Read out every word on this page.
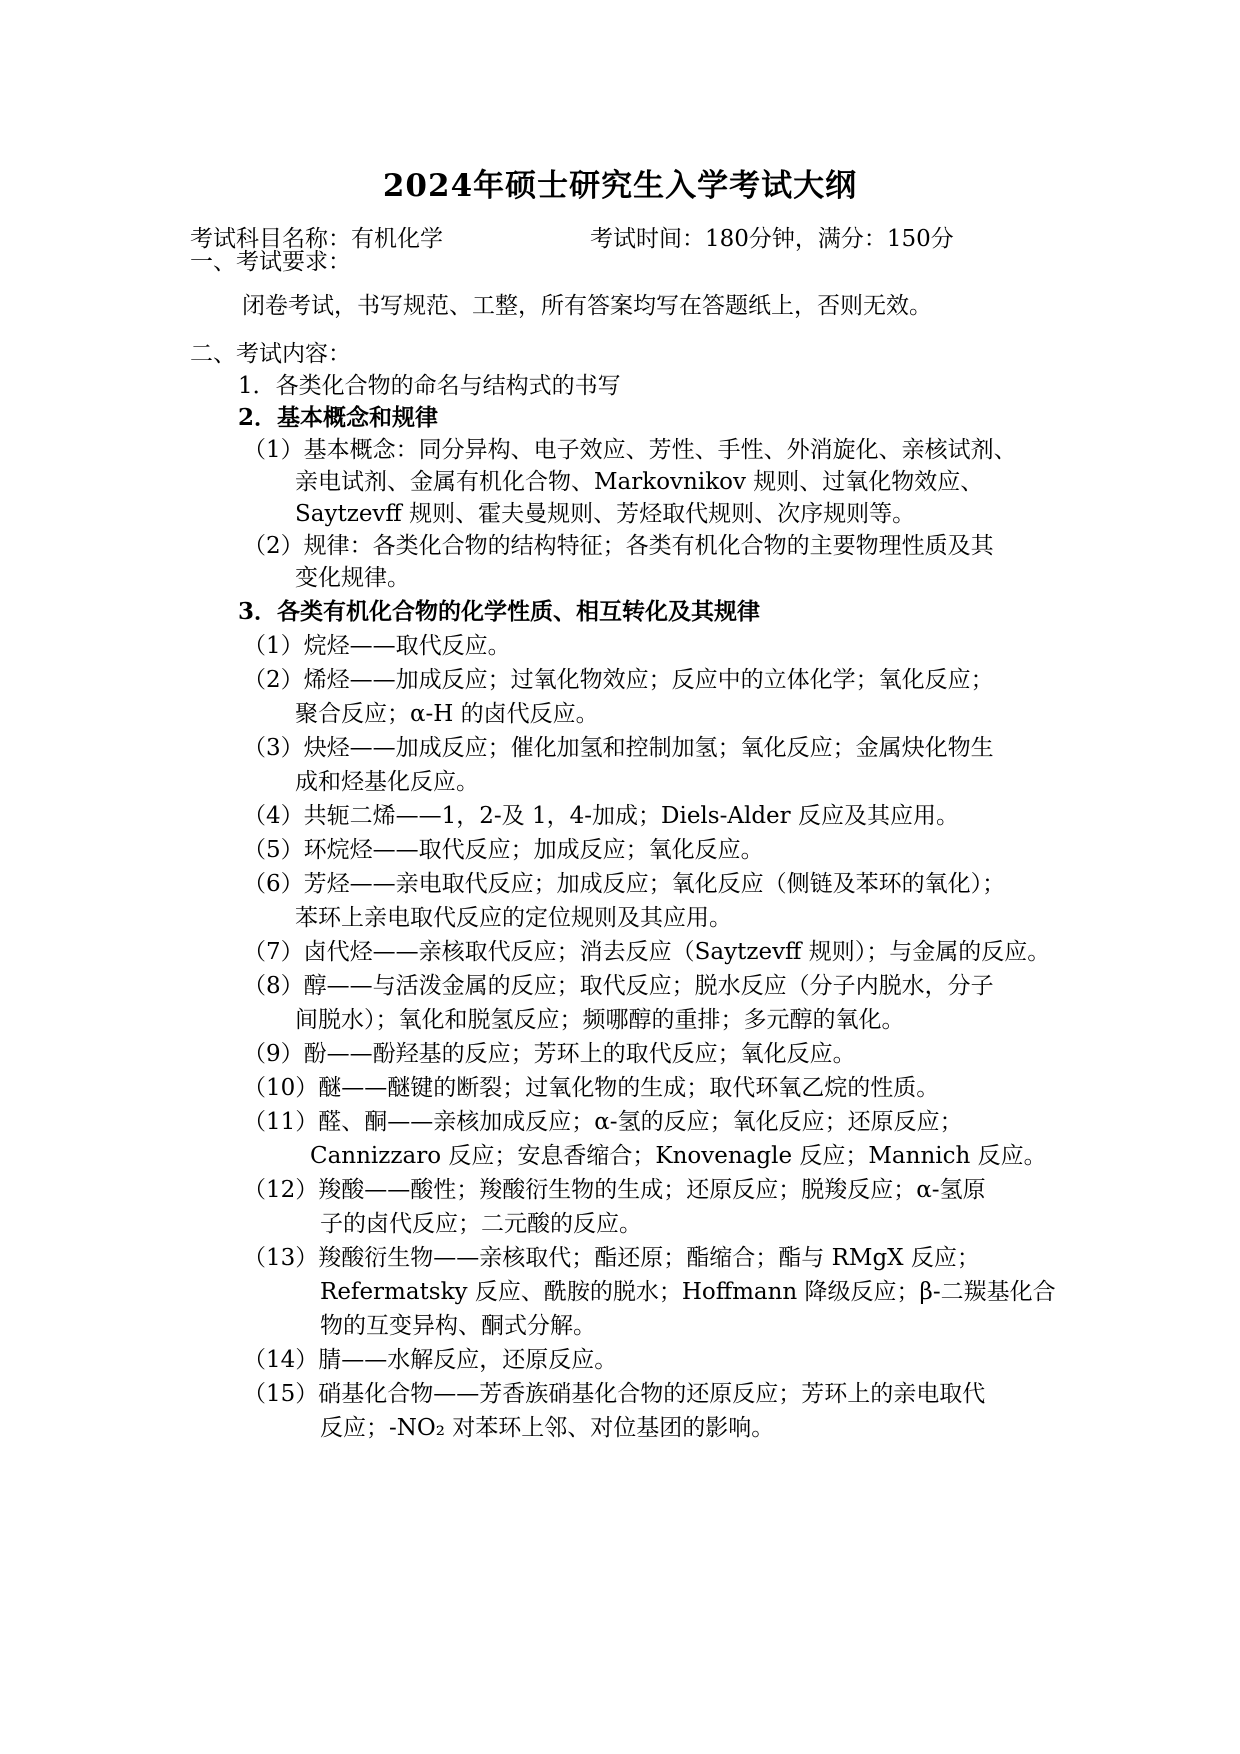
2024年硕士研究生入学考试大纲
考试科目名称：有机化学	考试时间：180分钟，满分：150分
一、考试要求：
闭卷考试，书写规范、工整，所有答案均写在答题纸上，否则无效。
二、考试内容：
1．各类化合物的命名与结构式的书写
2．基本概念和规律
（1）基本概念：同分异构、电子效应、芳性、手性、外消旋化、亲核试剂、
亲电试剂、金属有机化合物、Markovnikov 规则、过氧化物效应、
Saytzevff 规则、霍夫曼规则、芳烃取代规则、次序规则等。
（2）规律：各类化合物的结构特征；各类有机化合物的主要物理性质及其
变化规律。
3．各类有机化合物的化学性质、相互转化及其规律
（1）烷烃——取代反应。
（2）烯烃——加成反应；过氧化物效应；反应中的立体化学；氧化反应；
聚合反应；α-H 的卤代反应。
（3）炔烃——加成反应；催化加氢和控制加氢；氧化反应；金属炔化物生
成和烃基化反应。
（4）共轭二烯——1，2-及 1，4-加成；Diels-Alder 反应及其应用。
（5）环烷烃——取代反应；加成反应；氧化反应。
（6）芳烃——亲电取代反应；加成反应；氧化反应（侧链及苯环的氧化）；
苯环上亲电取代反应的定位规则及其应用。
（7）卤代烃——亲核取代反应；消去反应（Saytzevff 规则）；与金属的反应。
（8）醇——与活泼金属的反应；取代反应；脱水反应（分子内脱水，分子
间脱水）；氧化和脱氢反应；频哪醇的重排；多元醇的氧化。
（9）酚——酚羟基的反应；芳环上的取代反应；氧化反应。
（10）醚——醚键的断裂；过氧化物的生成；取代环氧乙烷的性质。
（11）醛、酮——亲核加成反应；α-氢的反应；氧化反应；还原反应；
Cannizzaro 反应；安息香缩合；Knovenagle 反应；Mannich 反应。
（12）羧酸——酸性；羧酸衍生物的生成；还原反应；脱羧反应；α-氢原
子的卤代反应；二元酸的反应。
（13）羧酸衍生物——亲核取代；酯还原；酯缩合；酯与 RMgX 反应；
Refermatsky 反应、酰胺的脱水；Hoffmann 降级反应；β-二羰基化合
物的互变异构、酮式分解。
（14）腈——水解反应，还原反应。
（15）硝基化合物——芳香族硝基化合物的还原反应；芳环上的亲电取代
反应；-NO₂ 对苯环上邻、对位基团的影响。
